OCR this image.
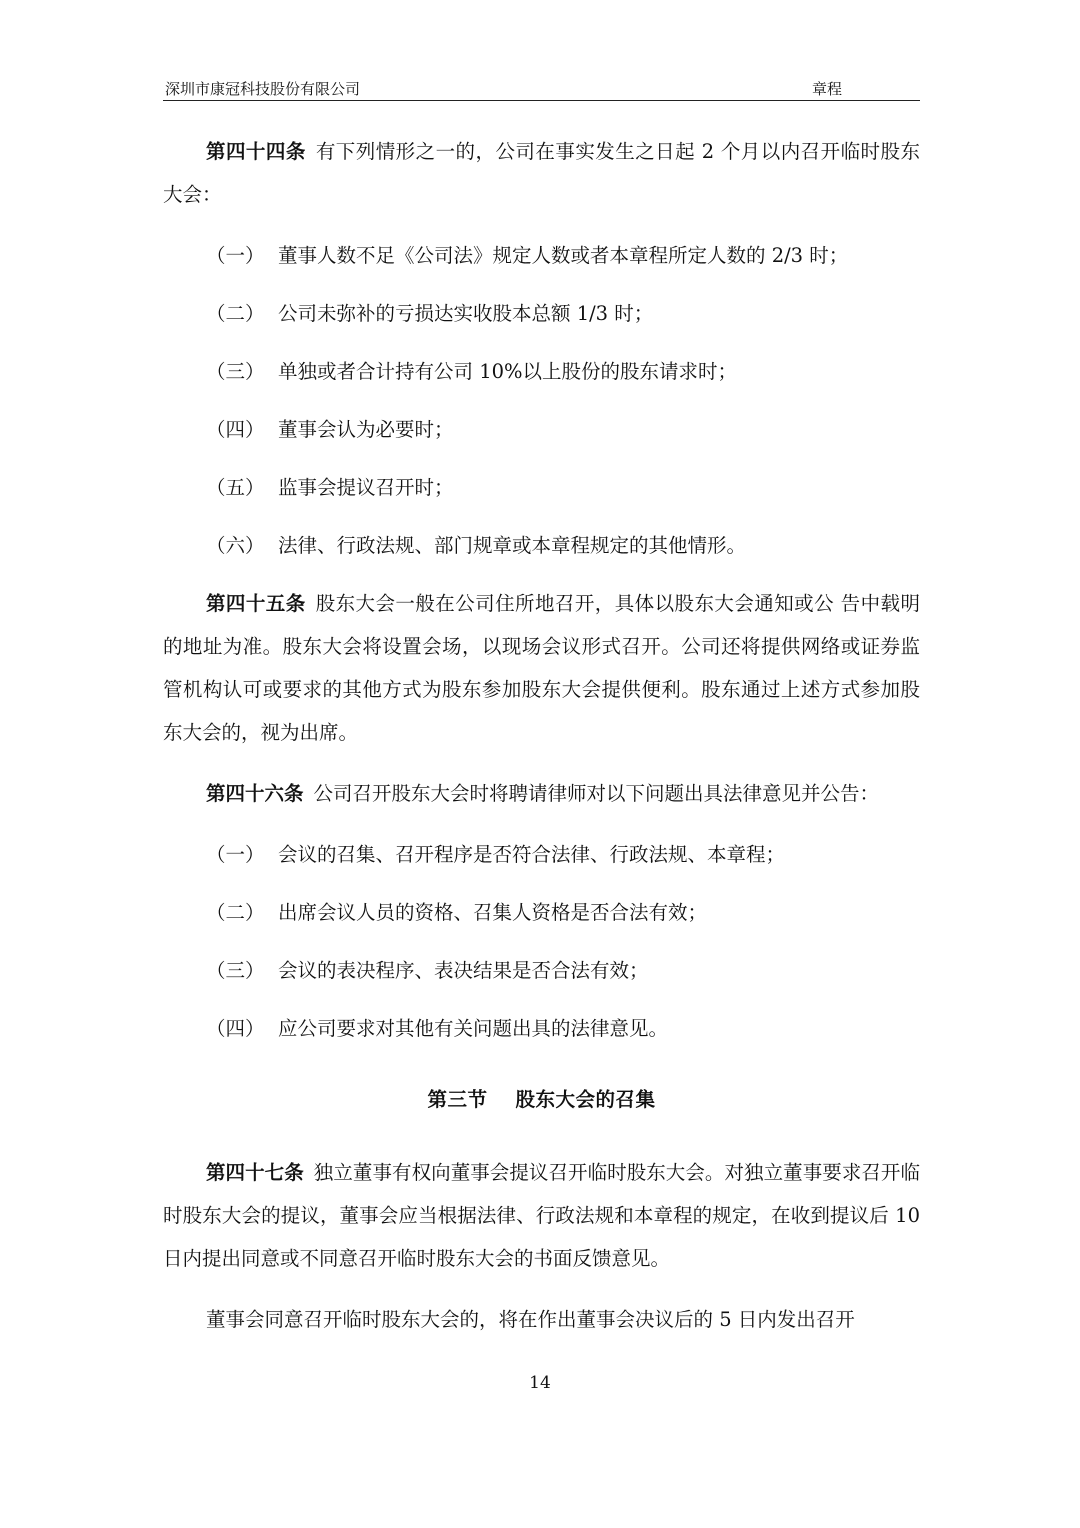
深圳市康冠科技股份有限公司	章程

第四十四条 有下列情形之一的，公司在事实发生之日起 2 个月以内召开临时股东大会：

（一） 董事人数不足《公司法》规定人数或者本章程所定人数的 2/3 时；
（二） 公司未弥补的亏损达实收股本总额 1/3 时；
（三） 单独或者合计持有公司 10%以上股份的股东请求时；
（四） 董事会认为必要时；
（五） 监事会提议召开时；
（六） 法律、行政法规、部门规章或本章程规定的其他情形。

第四十五条 股东大会一般在公司住所地召开，具体以股东大会通知或公 告中载明的地址为准。股东大会将设置会场，以现场会议形式召开。公司还将提供网络或证券监管机构认可或要求的其他方式为股东参加股东大会提供便利。股东通过上述方式参加股东大会的，视为出席。

第四十六条 公司召开股东大会时将聘请律师对以下问题出具法律意见并公告：

（一） 会议的召集、召开程序是否符合法律、行政法规、本章程；
（二） 出席会议人员的资格、召集人资格是否合法有效；
（三） 会议的表决程序、表决结果是否合法有效；
（四） 应公司要求对其他有关问题出具的法律意见。
第三节 股东大会的召集

第四十七条 独立董事有权向董事会提议召开临时股东大会。对独立董事要求召开临时股东大会的提议，董事会应当根据法律、行政法规和本章程的规定，在收到提议后 10 日内提出同意或不同意召开临时股东大会的书面反馈意见。

董事会同意召开临时股东大会的，将在作出董事会决议后的 5 日内发出召开

14
